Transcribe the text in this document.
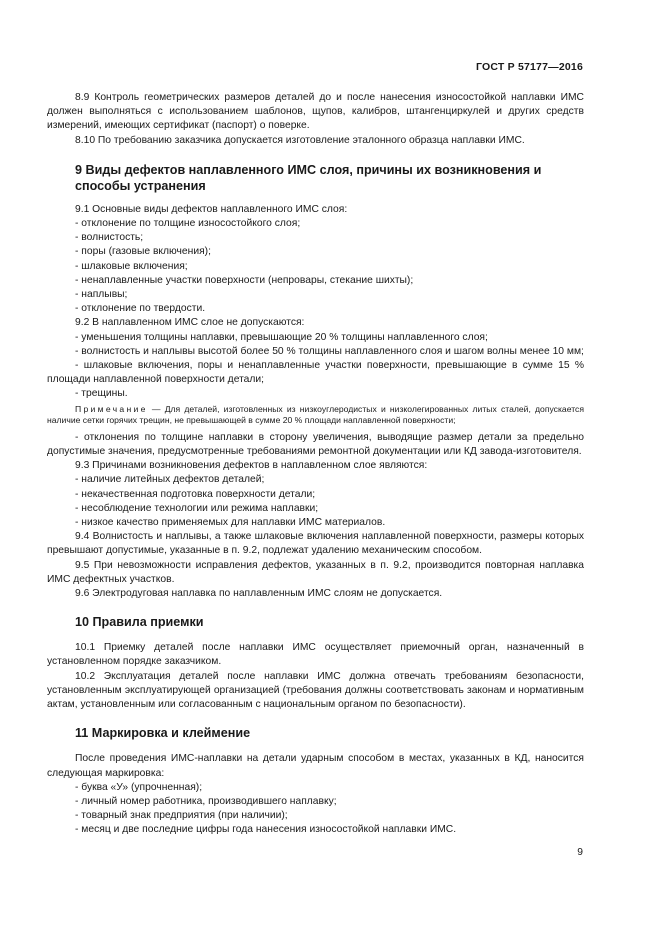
ГОСТ Р 57177—2016

8.9 Контроль геометрических размеров деталей до и после нанесения износостойкой наплавки ИМС должен выполняться с использованием шаблонов, щупов, калибров, штангенциркулей и других средств измерений, имеющих сертификат (паспорт) о поверке.

8.10 По требованию заказчика допускается изготовление эталонного образца наплавки ИМС.

9 Виды дефектов наплавленного ИМС слоя, причины их возникновения и способы устранения

9.1 Основные виды дефектов наплавленного ИМС слоя:

- отклонение по толщине износостойкого слоя;

- волнистость;

- поры (газовые включения);

- шлаковые включения;

- ненаплавленные участки поверхности (непровары, стекание шихты);

- наплывы;

- отклонение по твердости.

9.2 В наплавленном ИМС слое не допускаются:

- уменьшения толщины наплавки, превышающие 20 % толщины наплавленного слоя;

- волнистость и наплывы высотой более 50 % толщины наплавленного слоя и шагом волны менее 10 мм;

- шлаковые включения, поры и ненаплавленные участки поверхности, превышающие в сумме 15 % площади наплавленной поверхности детали;

- трещины.

Примечание — Для деталей, изготовленных из низкоуглеродистых и низколегированных литых сталей, допускается наличие сетки горячих трещин, не превышающей в сумме 20 % площади наплавленной поверхности;

- отклонения по толщине наплавки в сторону увеличения, выводящие размер детали за предельно допустимые значения, предусмотренные требованиями ремонтной документации или КД завода-изготовителя.

9.3 Причинами возникновения дефектов в наплавленном слое являются:

- наличие литейных дефектов деталей;

- некачественная подготовка поверхности детали;

- несоблюдение технологии или режима наплавки;

- низкое качество применяемых для наплавки ИМС материалов.

9.4 Волнистость и наплывы, а также шлаковые включения наплавленной поверхности, размеры которых превышают допустимые, указанные в п. 9.2, подлежат удалению механическим способом.

9.5 При невозможности исправления дефектов, указанных в п. 9.2, производится повторная наплавка ИМС дефектных участков.

9.6 Электродуговая наплавка по наплавленным ИМС слоям не допускается.

10 Правила приемки

10.1 Приемку деталей после наплавки ИМС осуществляет приемочный орган, назначенный в установленном порядке заказчиком.

10.2 Эксплуатация деталей после наплавки ИМС должна отвечать требованиям безопасности, установленным эксплуатирующей организацией (требования должны соответствовать законам и нормативным актам, установленным или согласованным с национальным органом по безопасности).

11 Маркировка и клеймение

После проведения ИМС-наплавки на детали ударным способом в местах, указанных в КД, наносится следующая маркировка:

- буква «У» (упрочненная);

- личный номер работника, производившего наплавку;

- товарный знак предприятия (при наличии);

- месяц и две последние цифры года нанесения износостойкой наплавки ИМС.

9
